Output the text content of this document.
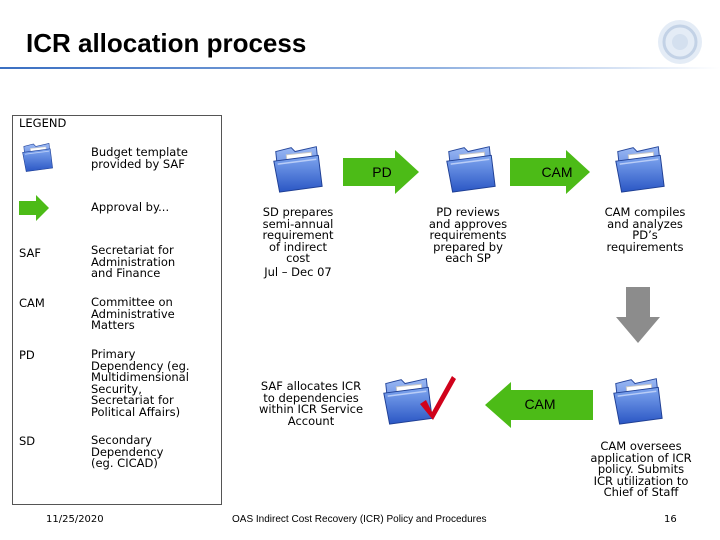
ICR allocation process
LEGEND
Budget template
provided by SAF
Approval by...
SAF	Secretariat for
Administration
and Finance
CAM	Committee on
Administrative
Matters
PD	Primary
Dependency (eg.
Multidimensional
Security,
Secretariat for
Political Affairs)
SD	Secondary
Dependency
(eg. CICAD)
PD	CAM
SD prepares
semi-annual
requirement
of indirect
cost
Jul – Dec 07
PD reviews
and approves
requirements
prepared by
each SP
CAM compiles
and analyzes
PD’s
requirements
CAM
SAF allocates ICR
to dependencies
within ICR Service
Account
CAM oversees
application of ICR
policy. Submits
ICR utilization to
Chief of Staff
11/25/2020	OAS Indirect Cost Recovery (ICR) Policy and Procedures	16
